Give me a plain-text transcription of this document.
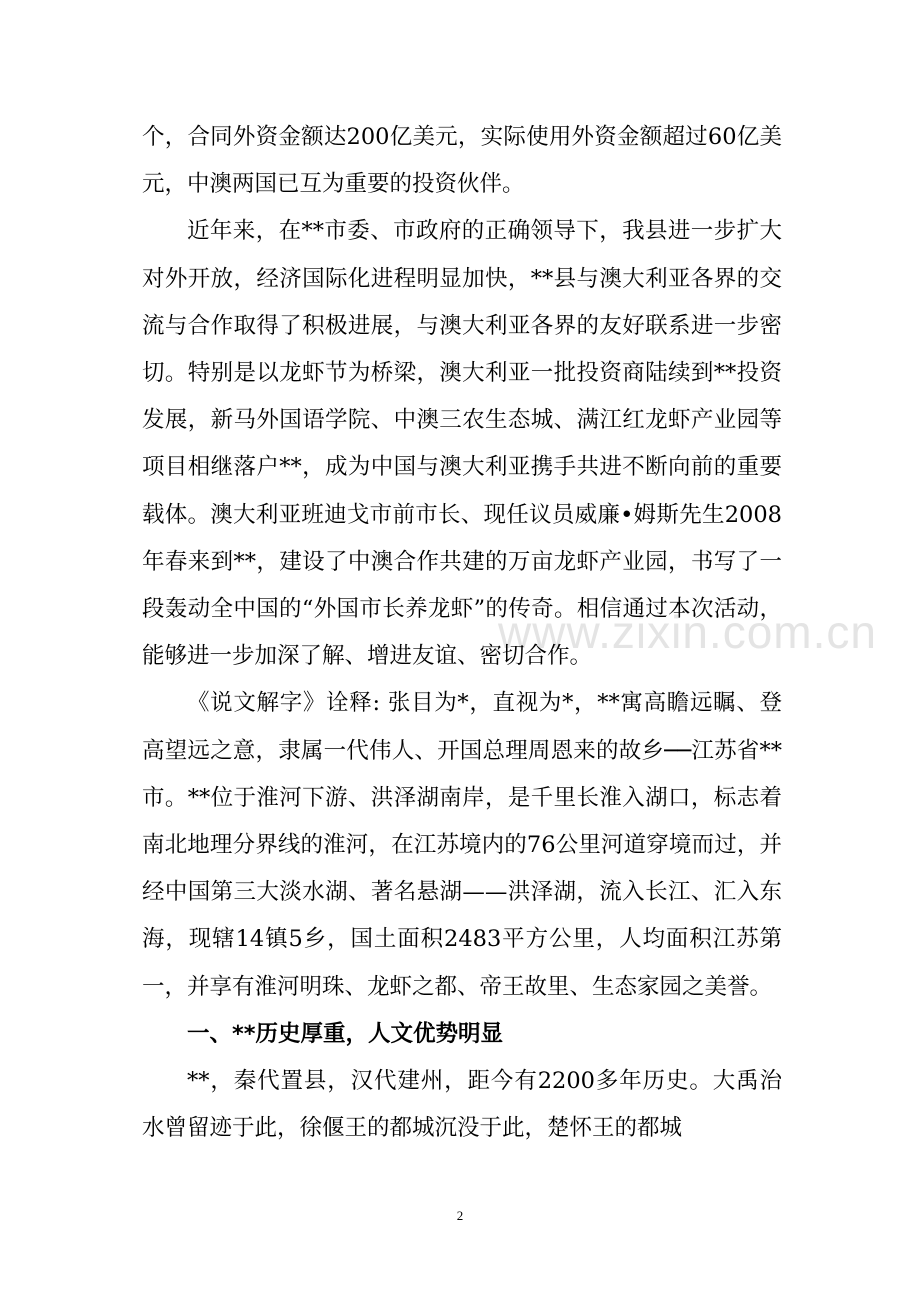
www.zixin.com.cn

个，合同外资金额达200亿美元，实际使用外资金额超过60亿美元，中澳两国已互为重要的投资伙伴。

近年来，在**市委、市政府的正确领导下，我县进一步扩大对外开放，经济国际化进程明显加快，**县与澳大利亚各界的交流与合作取得了积极进展，与澳大利亚各界的友好联系进一步密切。特别是以龙虾节为桥梁，澳大利亚一批投资商陆续到**投资发展，新马外国语学院、中澳三农生态城、满江红龙虾产业园等项目相继落户**，成为中国与澳大利亚携手共进不断向前的重要载体。澳大利亚班迪戈市前市长、现任议员威廉•姆斯先生2008年春来到**，建设了中澳合作共建的万亩龙虾产业园，书写了一段轰动全中国的“外国市长养龙虾”的传奇。相信通过本次活动，能够进一步加深了解、增进友谊、密切合作。

《说文解字》诠释: 张目为*，直视为*，**寓高瞻远瞩、登高望远之意，隶属一代伟人、开国总理周恩来的故乡──江苏省**市。**位于淮河下游、洪泽湖南岸，是千里长淮入湖口，标志着南北地理分界线的淮河，在江苏境内的76公里河道穿境而过，并经中国第三大淡水湖、著名悬湖——洪泽湖，流入长江、汇入东海，现辖14镇5乡，国土面积2483平方公里，人均面积江苏第一，并享有淮河明珠、龙虾之都、帝王故里、生态家园之美誉。

一、**历史厚重，人文优势明显

**，秦代置县，汉代建州，距今有2200多年历史。大禹治水曾留迹于此，徐偃王的都城沉没于此，楚怀王的都城

2
